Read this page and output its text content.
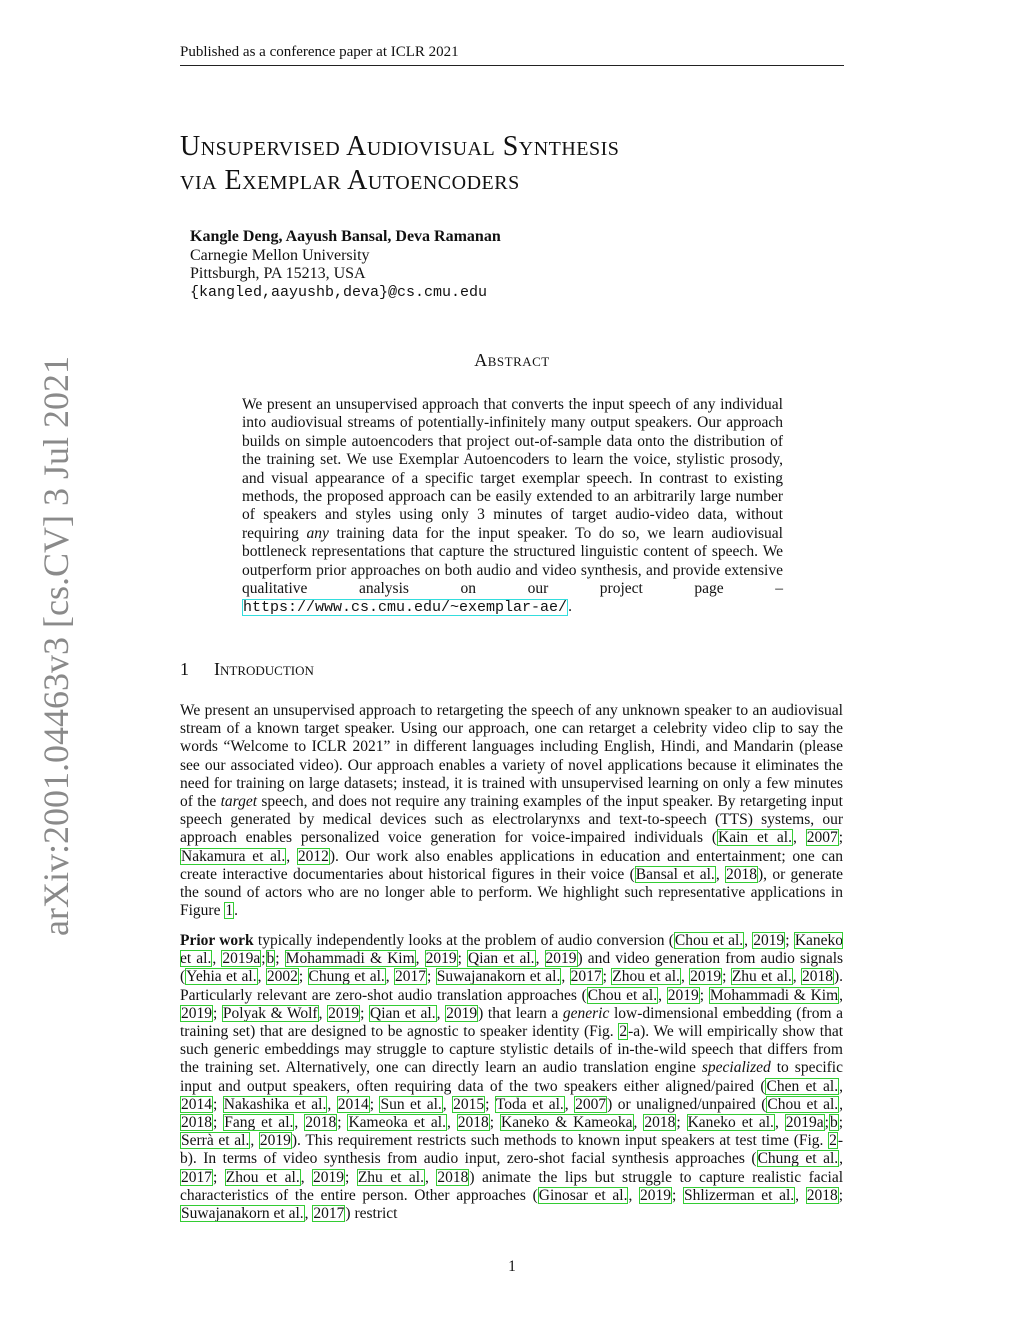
Published as a conference paper at ICLR 2021
arXiv:2001.04463v3 [cs.CV] 3 Jul 2021
Unsupervised Audiovisual Synthesis
via Exemplar Autoencoders
Kangle Deng, Aayush Bansal, Deva Ramanan
Carnegie Mellon University
Pittsburgh, PA 15213, USA
{kangled,aayushb,deva}@cs.cmu.edu
Abstract
We present an unsupervised approach that converts the input speech of any individual into audiovisual streams of potentially-infinitely many output speakers. Our approach builds on simple autoencoders that project out-of-sample data onto the distribution of the training set. We use Exemplar Autoencoders to learn the voice, stylistic prosody, and visual appearance of a specific target exemplar speech. In contrast to existing methods, the proposed approach can be easily extended to an arbitrarily large number of speakers and styles using only 3 minutes of target audio-video data, without requiring any training data for the input speaker. To do so, we learn audiovisual bottleneck representations that capture the structured linguistic content of speech. We outperform prior approaches on both audio and video synthesis, and provide extensive qualitative analysis on our project page – https://www.cs.cmu.edu/~exemplar-ae/.
1 Introduction
We present an unsupervised approach to retargeting the speech of any unknown speaker to an audiovisual stream of a known target speaker. Using our approach, one can retarget a celebrity video clip to say the words “Welcome to ICLR 2021” in different languages including English, Hindi, and Mandarin (please see our associated video). Our approach enables a variety of novel applications because it eliminates the need for training on large datasets; instead, it is trained with unsupervised learning on only a few minutes of the target speech, and does not require any training examples of the input speaker. By retargeting input speech generated by medical devices such as electrolarynxs and text-to-speech (TTS) systems, our approach enables personalized voice generation for voice-impaired individuals (Kain et al., 2007; Nakamura et al., 2012). Our work also enables applications in education and entertainment; one can create interactive documentaries about historical figures in their voice (Bansal et al., 2018), or generate the sound of actors who are no longer able to perform. We highlight such representative applications in Figure 1.
Prior work typically independently looks at the problem of audio conversion (Chou et al., 2019; Kaneko et al., 2019a;b; Mohammadi & Kim, 2019; Qian et al., 2019) and video generation from audio signals (Yehia et al., 2002; Chung et al., 2017; Suwajanakorn et al., 2017; Zhou et al., 2019; Zhu et al., 2018). Particularly relevant are zero-shot audio translation approaches (Chou et al., 2019; Mohammadi & Kim, 2019; Polyak & Wolf, 2019; Qian et al., 2019) that learn a generic low-dimensional embedding (from a training set) that are designed to be agnostic to speaker identity (Fig. 2-a). We will empirically show that such generic embeddings may struggle to capture stylistic details of in-the-wild speech that differs from the training set. Alternatively, one can directly learn an audio translation engine specialized to specific input and output speakers, often requiring data of the two speakers either aligned/paired (Chen et al., 2014; Nakashika et al., 2014; Sun et al., 2015; Toda et al., 2007) or unaligned/unpaired (Chou et al., 2018; Fang et al., 2018; Kameoka et al., 2018; Kaneko & Kameoka, 2018; Kaneko et al., 2019a;b; Serrà et al., 2019). This requirement restricts such methods to known input speakers at test time (Fig. 2-b). In terms of video synthesis from audio input, zero-shot facial synthesis approaches (Chung et al., 2017; Zhou et al., 2019; Zhu et al., 2018) animate the lips but struggle to capture realistic facial characteristics of the entire person. Other approaches (Ginosar et al., 2019; Shlizerman et al., 2018; Suwajanakorn et al., 2017) restrict
1
